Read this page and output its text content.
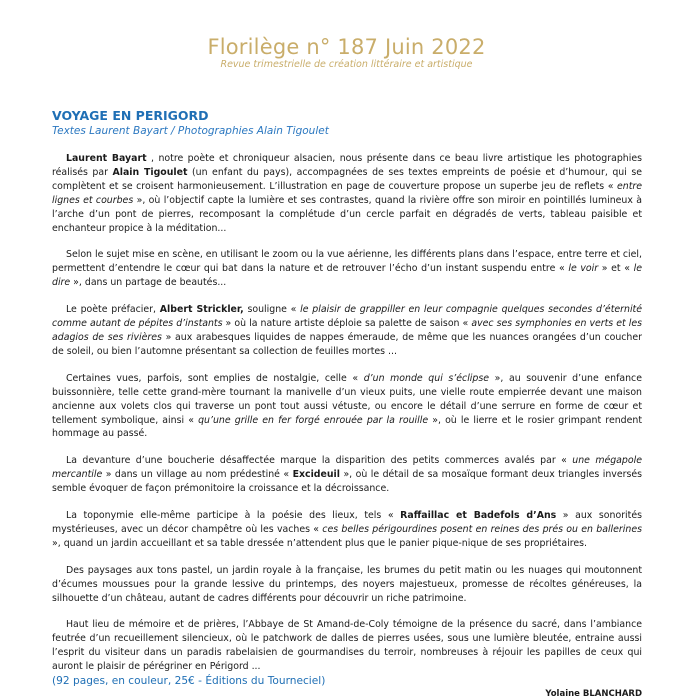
Florilège n° 187 Juin 2022
Revue trimestrielle de création littéraire et artistique
VOYAGE EN PERIGORD
Textes Laurent Bayart / Photographies Alain Tigoulet

Laurent Bayart , notre poète et chroniqueur alsacien, nous présente dans ce beau livre artistique les photographies réalisés par Alain Tigoulet (un enfant du pays), accompagnées de ses textes empreints de poésie et d’humour, qui se complètent et se croisent harmonieusement. L’illustration en page de couverture propose un superbe jeu de reflets « entre lignes et courbes », où l’objectif capte la lumière et ses contrastes, quand la rivière offre son miroir en pointillés lumineux à l’arche d’un pont de pierres, recomposant la complétude d’un cercle parfait en dégradés de verts, tableau paisible et enchanteur propice à la méditation...

Selon le sujet mise en scène, en utilisant le zoom ou la vue aérienne, les différents plans dans l’espace, entre terre et ciel, permettent d’entendre le cœur qui bat dans la nature et de retrouver l’écho d’un instant suspendu entre « le voir » et « le dire », dans un partage de beautés...

Le poète préfacier, Albert Strickler, souligne « le plaisir de grappiller en leur compagnie quelques secondes d’éternité comme autant de pépites d’instants » où la nature artiste déploie sa palette de saison « avec ses symphonies en verts et les adagios de ses rivières » aux arabesques liquides de nappes émeraude, de même que les nuances orangées d’un coucher de soleil, ou bien l’automne présentant sa collection de feuilles mortes ...

Certaines vues, parfois, sont emplies de nostalgie, celle « d’un monde qui s’éclipse », au souvenir d’une enfance buissonnière, telle cette grand-mère tournant la manivelle d’un vieux puits, une vielle route empierrée devant une maison ancienne aux volets clos qui traverse un pont tout aussi vétuste, ou encore le détail d’une serrure en forme de cœur et tellement symbolique, ainsi « qu’une grille en fer forgé enrouée par la rouille », où le lierre et le rosier grimpant rendent hommage au passé.

La devanture d’une boucherie désaffectée marque la disparition des petits commerces avalés par « une mégapole mercantile » dans un village au nom prédestiné « Excideuil », où le détail de sa mosaïque formant deux triangles inversés semble évoquer de façon prémonitoire la croissance et la décroissance.

La toponymie elle-même participe à la poésie des lieux, tels « Raffaillac et Badefols d’Ans » aux sonorités mystérieuses, avec un décor champêtre où les vaches « ces belles périgourdines posent en reines des prés ou en ballerines », quand un jardin accueillant et sa table dressée n’attendent plus que le panier pique-nique de ses propriétaires.

Des paysages aux tons pastel, un jardin royale à la française, les brumes du petit matin ou les nuages qui moutonnent d’écumes moussues pour la grande lessive du printemps, des noyers majestueux, promesse de récoltes généreuses, la silhouette d’un château, autant de cadres différents pour découvrir un riche patrimoine.

Haut lieu de mémoire et de prières, l’Abbaye de St Amand-de-Coly témoigne de la présence du sacré, dans l’ambiance feutrée d’un recueillement silencieux, où le patchwork de dalles de pierres usées, sous une lumière bleutée, entraine aussi l’esprit du visiteur dans un paradis rabelaisien de gourmandises du terroir, nombreuses à réjouir les papilles de ceux qui auront le plaisir de pérégriner en Périgord ...

(92 pages, en couleur, 25€ - Éditions du Tourneciel)
Yolaine BLANCHARD
